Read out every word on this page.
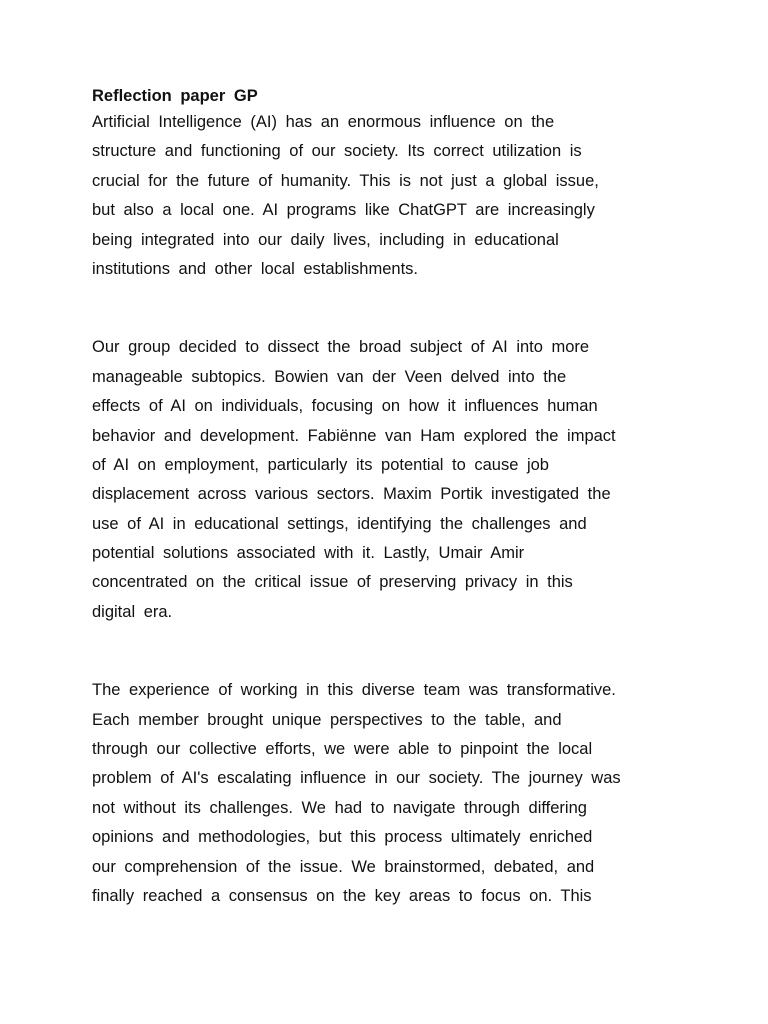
Reflection paper GP
Artificial Intelligence (AI) has an enormous influence on the
structure and functioning of our society. Its correct utilization is
crucial for the future of humanity. This is not just a global issue,
but also a local one. AI programs like ChatGPT are increasingly
being integrated into our daily lives, including in educational
institutions and other local establishments.
Our group decided to dissect the broad subject of AI into more
manageable subtopics. Bowien van der Veen delved into the
effects of AI on individuals, focusing on how it influences human
behavior and development. Fabiënne van Ham explored the impact
of AI on employment, particularly its potential to cause job
displacement across various sectors. Maxim Portik investigated the
use of AI in educational settings, identifying the challenges and
potential solutions associated with it. Lastly, Umair Amir
concentrated on the critical issue of preserving privacy in this
digital era.
The experience of working in this diverse team was transformative.
Each member brought unique perspectives to the table, and
through our collective efforts, we were able to pinpoint the local
problem of AI's escalating influence in our society. The journey was
not without its challenges. We had to navigate through differing
opinions and methodologies, but this process ultimately enriched
our comprehension of the issue. We brainstormed, debated, and
finally reached a consensus on the key areas to focus on. This
